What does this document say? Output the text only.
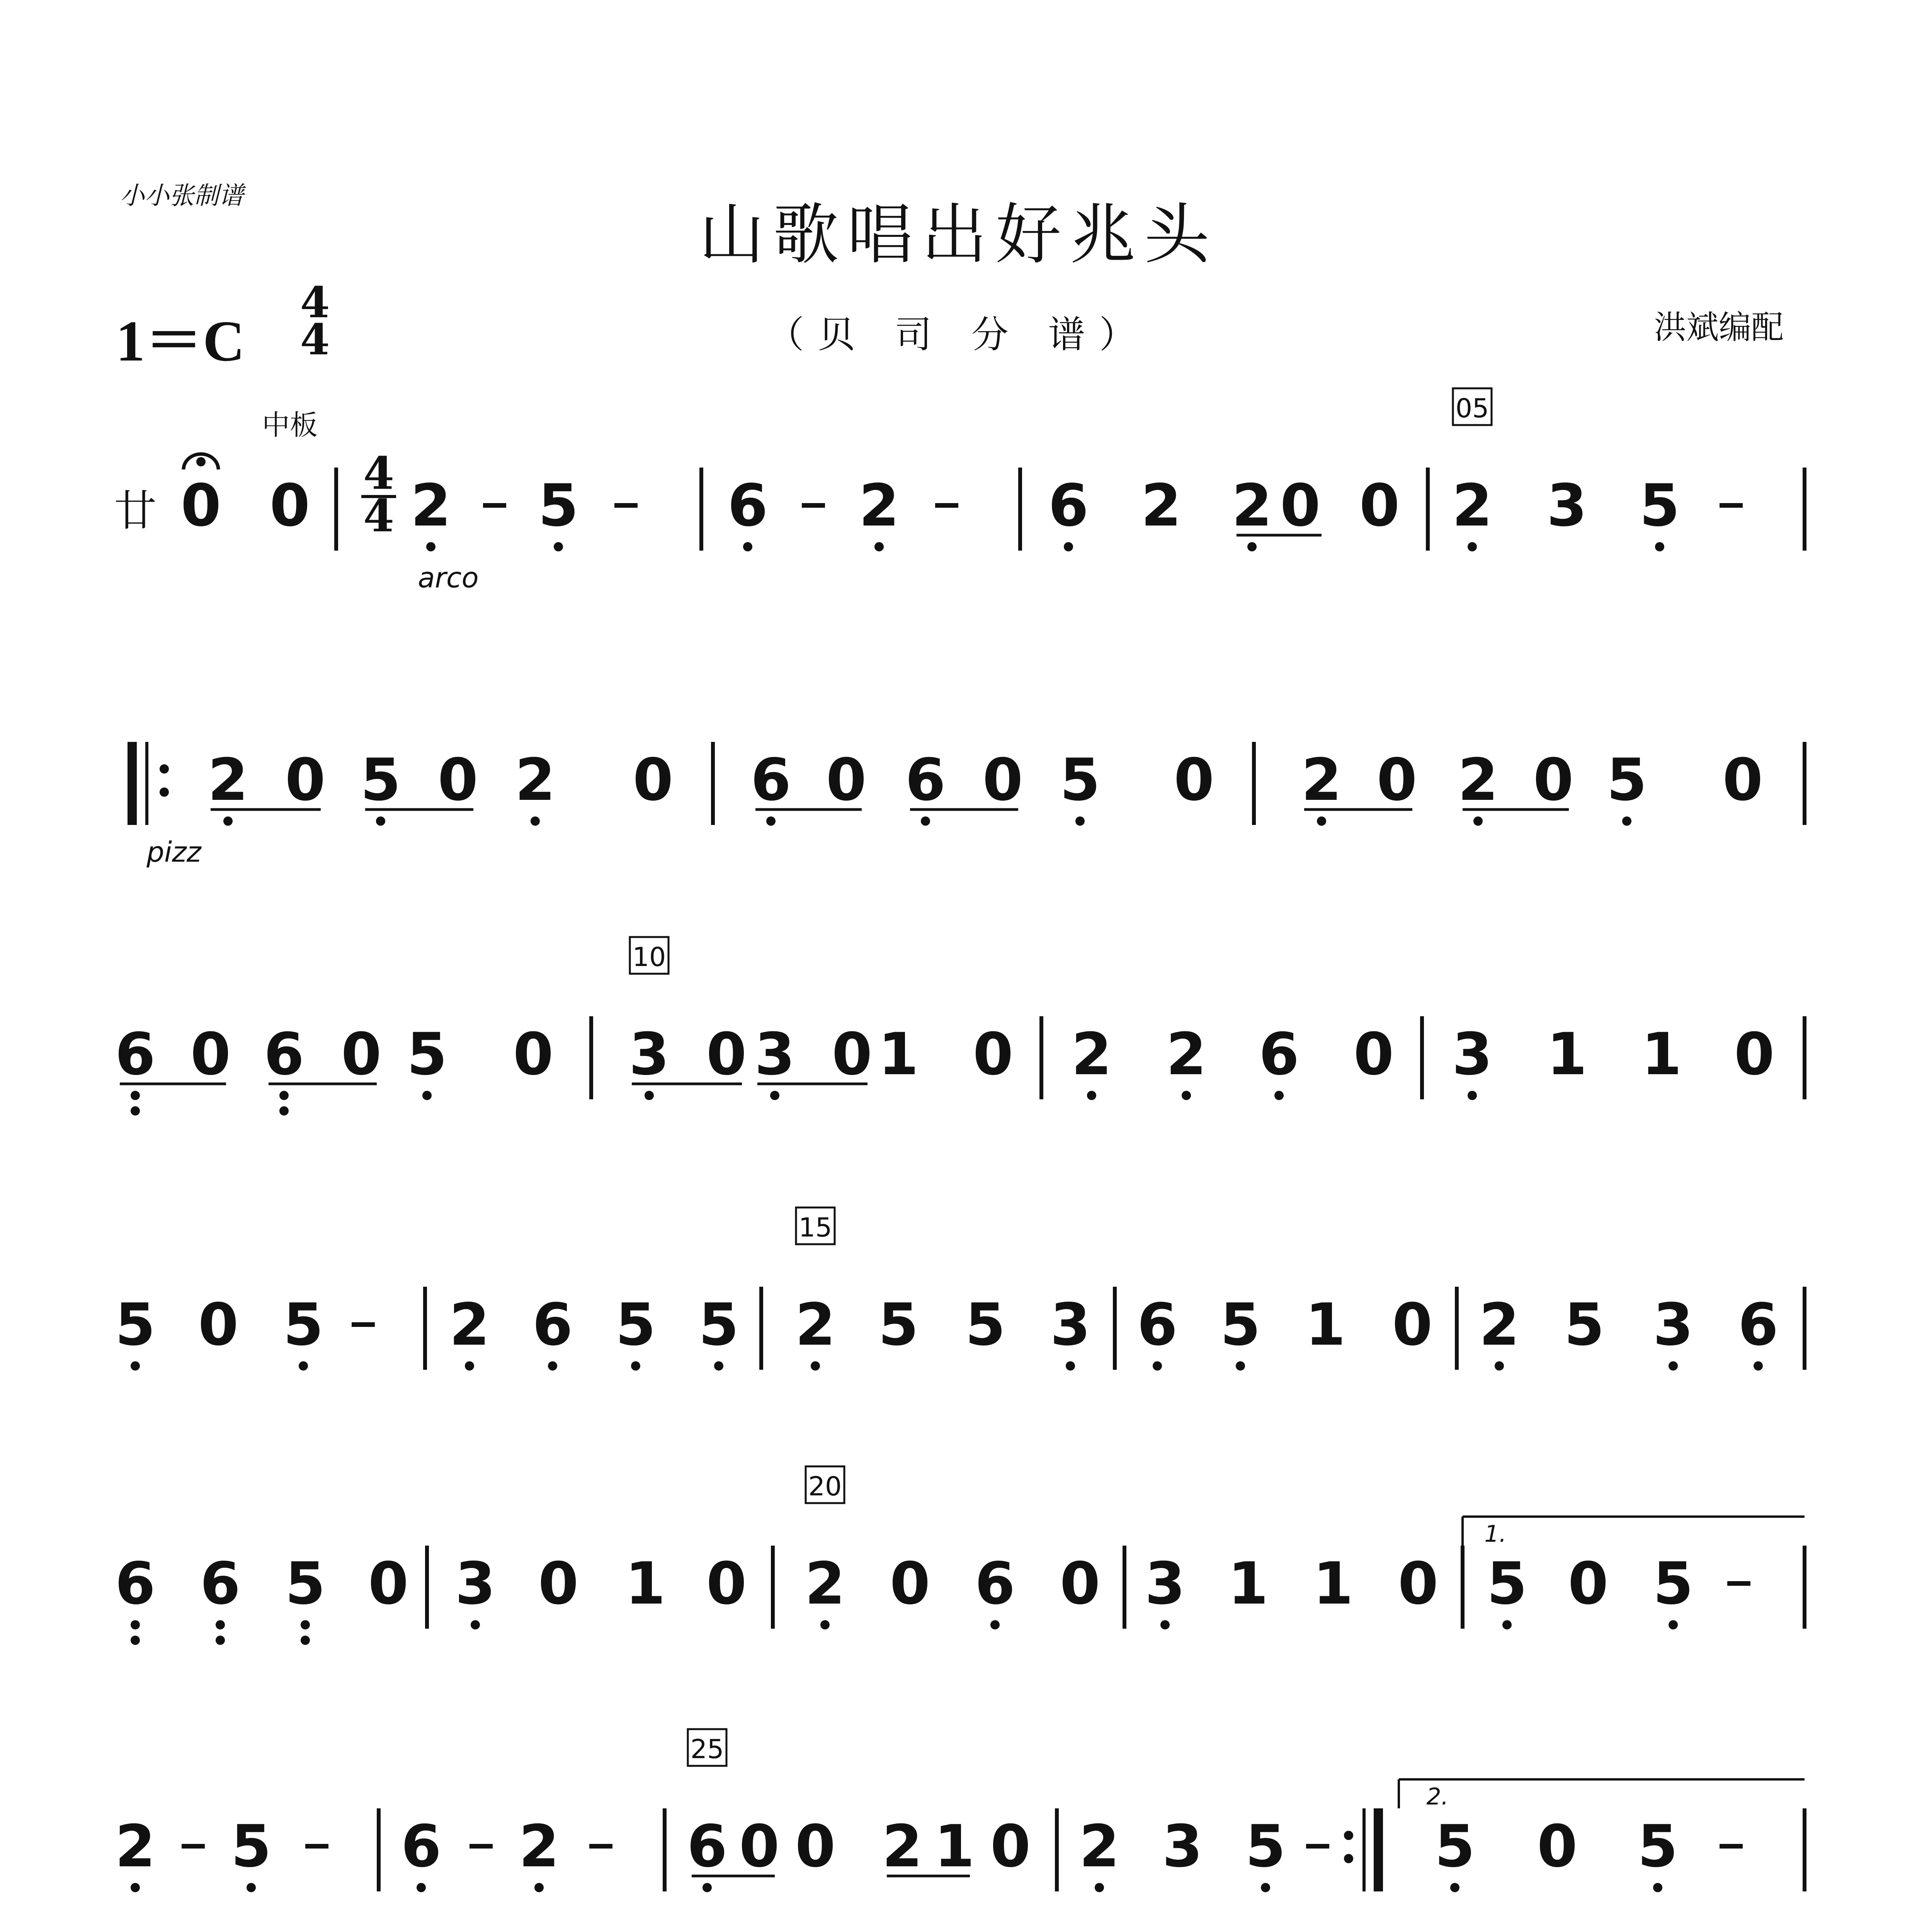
小小张制谱
山歌唱出好兆头
1＝C
4
4	（贝 司 分 谱）	洪斌编配
廿 0 0 4
4 2 5	6 2	6 2 2 0 0 2 3 5
05
2 0 5 0 2 0 6 0 6 0 5 0 2 0 2 0 5 0
6 0 6 0 5 0 3 0 3 0 1 0 2 2 6 0 3 1 1 0
10
5 0 5 2 6 5 5 2 5 5 3 6 5 1 0 2 5 3 6
15
6 6 5 0 3 0 1 0 2 0 6 0 3 1 1 0
1.
5 0 5
20
2 5 6 2 6 0 0 2 1 0 2 3 5
2.
5 0 5
25
中板
arco
pizz
